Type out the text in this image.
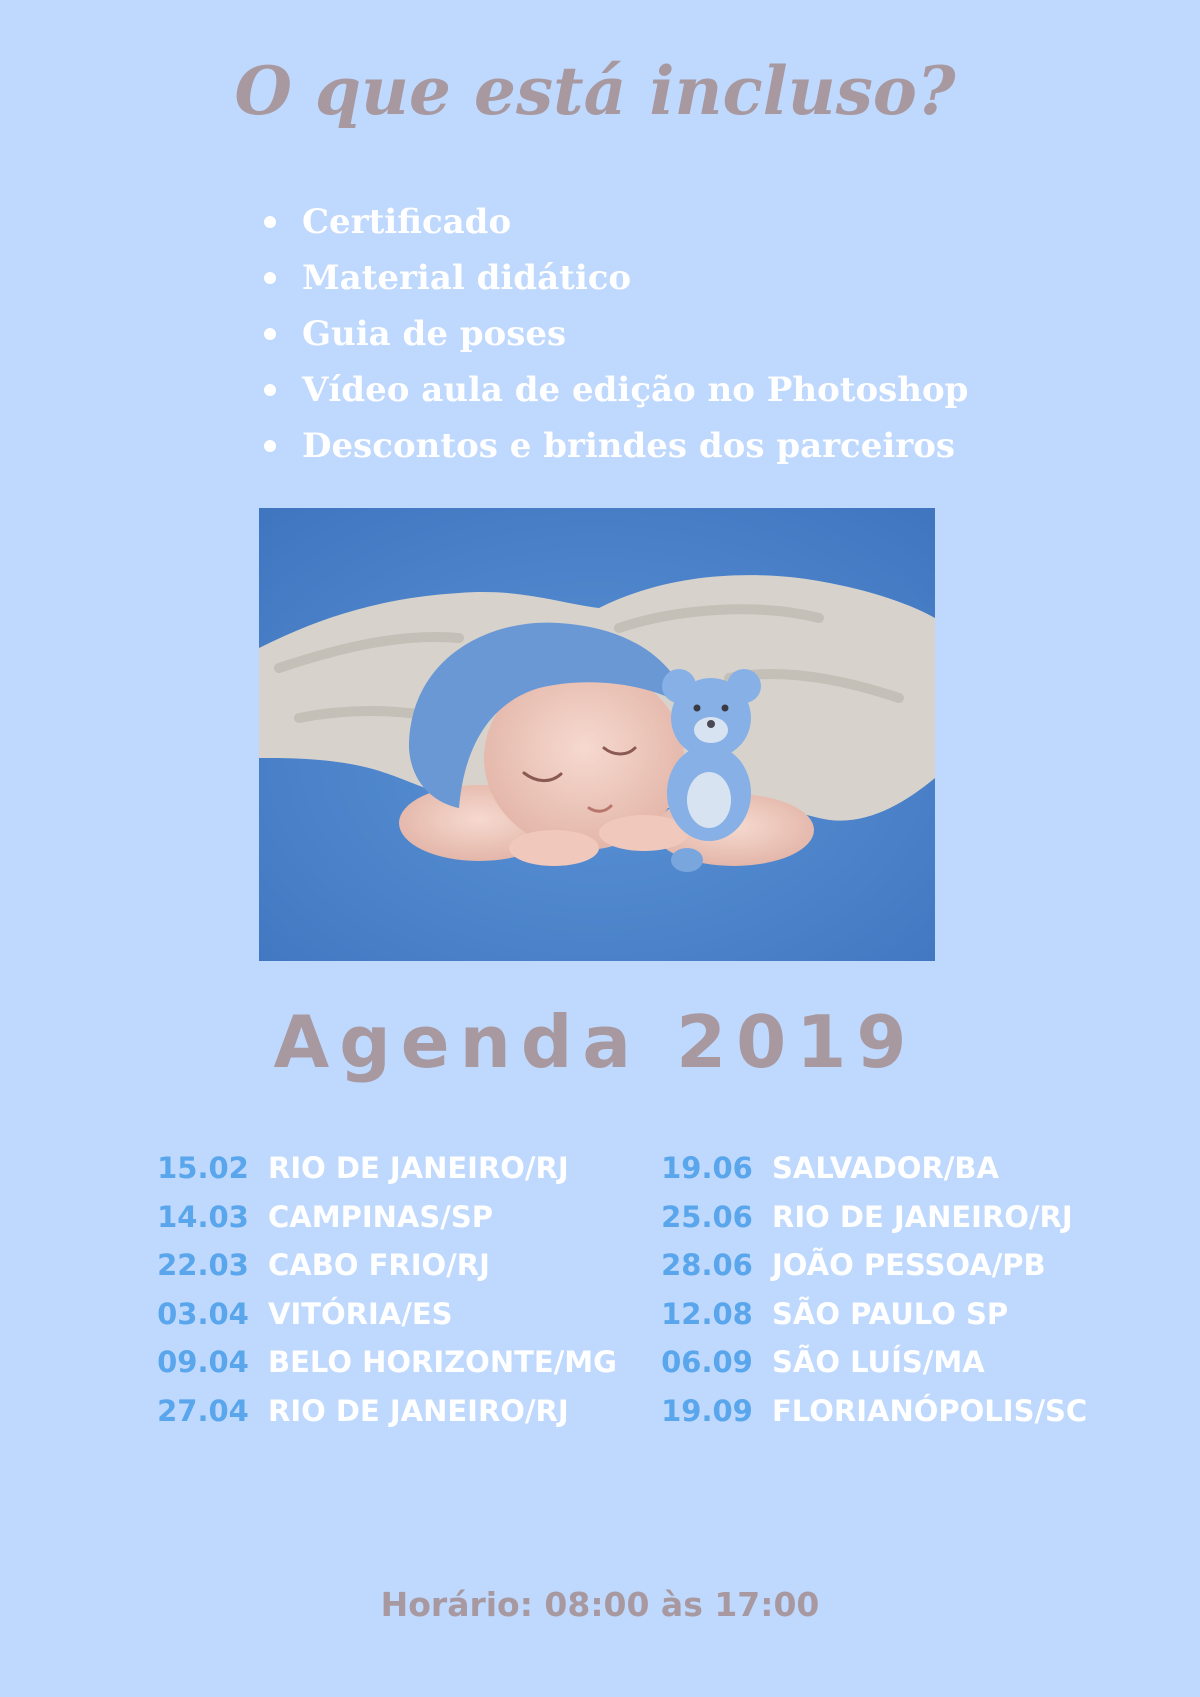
O que está incluso?
Certificado
Material didático
Guia de poses
Vídeo aula de edição no Photoshop
Descontos e brindes dos parceiros
Agenda 2019
15.02 RIO DE JANEIRO/RJ
14.03 CAMPINAS/SP
22.03 CABO FRIO/RJ
03.04 VITÓRIA/ES
09.04 BELO HORIZONTE/MG
27.04 RIO DE JANEIRO/RJ
19.06 SALVADOR/BA
25.06 RIO DE JANEIRO/RJ
28.06 JOÃO PESSOA/PB
12.08 SÃO PAULO SP
06.09 SÃO LUÍS/MA
19.09 FLORIANÓPOLIS/SC
Horário: 08:00 às 17:00
